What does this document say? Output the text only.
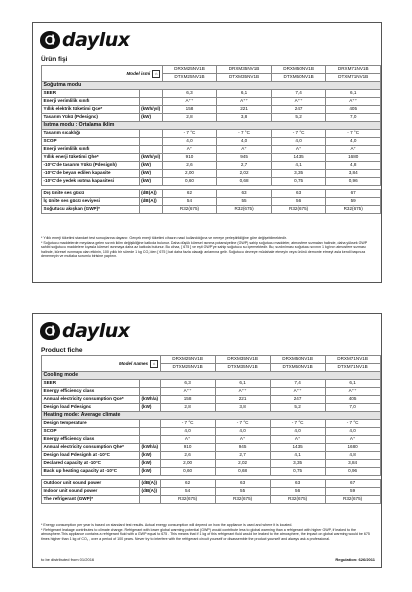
daylux
Ürün fişi
Model ismi ⌂		DRXM25NV1B	DRXM35NV1B	DRXM50NV1B	DRXM71NV1B
		DTXM25NV1B	DTXM35NV1B	DTXM50NV1B	DTXM71NV1B
Soğutma modu					
SEER		6,3	6,1	7,4	6,1
Enerji verimlilik sınıfı		A⁺⁺	A⁺⁺	A⁺⁺	A⁺⁺
Yıllık elektrik tüketimi Qce*	(kWh/yıl)	158	221	247	405
Tasarım Yükü (Pdesignc)	(kW)	2,8	3,8	5,2	7,0
Isıtma modu : Ortalama iklim					
Tasarım sıcaklığı		- 7 °C	- 7 °C	- 7 °C	- 7 °C
SCOP		4,0	4,0	4,0	4,0
Enerji verimlilik sınıfı		A⁺	A⁺	A⁺	A⁺
Yıllık enerji tüketimi Qhe*	(kWh/yıl)	910	945	1435	1680
-10°C'de tasarım Yükü (Pdesignh)	(kW)	2,6	2,7	4,1	4,8
-10°C'de beyan edilen kapasite	(kW)	2,00	2,02	3,35	3,84
-10°C'de yedek ısıtma kapasitesi	(kW)	0,60	0,68	0,75	0,96

Dış ünite ses gücü	(dB(A))	62	63	63	67
İç ünite ses gücü seviyesi	(dB(A))	54	55	56	59
Soğutucu akışkan (GWP)*		R32(675)	R32(675)	R32(675)	R32(675)
* Yıllık enerji tüketimi standart test sonuçlarına dayanır. Gerçek enerji tüketimi cihazın nasıl kullanıldığına ve nereye yerleştirildiğine göre değişebilmektedir.
* Soğutucu maddelerde meydana gelen sızıntı iklim değişikliğine katkıda bulunur. Daha düşük küresel ısınma potansiyeline (GWP) sahip soğutucu maddeler, atmosfere sızmaları halinde, daha yüksek GWP sahibi soğutucu maddelere kıyasla küresel ısınmaya daha az katkıda bulunur. Bu cihaz, [ 675 ] ve eşit GWP'ye sahip soğutucu su içermektedir. Bu; sızdırılması soğutucu sıvının 1 kg'ının atmosfere sızması halinde, küresel ısınmaya olan etkinin, 100 yıllık bir sürede 1 kg CO₂'den [ 675 ] kat daha fazla olacağı anlamına gelir. Soğutucu devreye müdahale etmeyin veya ürünü demonte etmeyi asla kendi başınıza denemeyin ve mutlaka sorumlu birisine yaptırın.
daylux
Product fiche
Model names ⌂		DRXM25NV1B	DRXM35NV1B	DRXM50NV1B	DRXM71NV1B
		DTXM25NV1B	DTXM35NV1B	DTXM50NV1B	DTXM71NV1B
Cooling mode					
SEER		6,3	6,1	7,4	6,1
Energy efficiency class		A⁺⁺	A⁺⁺	A⁺⁺	A⁺⁺
Annual electricity consumption Qce*	(kWh/a)	158	221	247	405
Design load Pdesignc	(kW)	2,8	3,8	5,2	7,0
Heating mode: Average climate					
Design temperature		- 7 °C	- 7 °C	- 7 °C	- 7 °C
SCOP		4,0	4,0	4,0	4,0
Energy efficiency class		A⁺	A⁺	A⁺	A⁺
Annual electricity consumption Qhe*	(kWh/a)	910	945	1435	1680
Design load Pdesignh at -10°C	(kW)	2,6	2,7	4,1	4,8
Declared capacity at -10°C	(kW)	2,00	2,02	3,35	3,84
Back up heating capacity at -10°C	(kW)	0,60	0,68	0,75	0,96

Outdoor unit sound power	(dB(A))	62	63	63	67
Indoor unit sound power	(dB(A))	54	55	56	59
The refrigerant (GWP)*		R32(675)	R32(675)	R32(675)	R32(675)
* Energy consumption per year is based on standard test results. Actual energy consumption will depend on how the appliance is used and where it is located.
* Refrigerant leakage contributes to climate change. Refrigerant with lower global warming potential (GWP) would contribute less to global warming than a refrigerant with higher GWP, if leaked to the atmosphere.This appliance contains a refrigerant fluid with a GWP equal to 675 . This means that if 1 kg of this refrigerant fluid would be leaked to the atmosphere, the impact on global warming would be 675 times higher than 1 kg of CO₂ , over a period of 100 years. Never try to interfere with the refrigerant circuit yourself or disassemble the product yourself and always ask a professional.
to be distributed from 01/2016	Regulation: 626/2011
